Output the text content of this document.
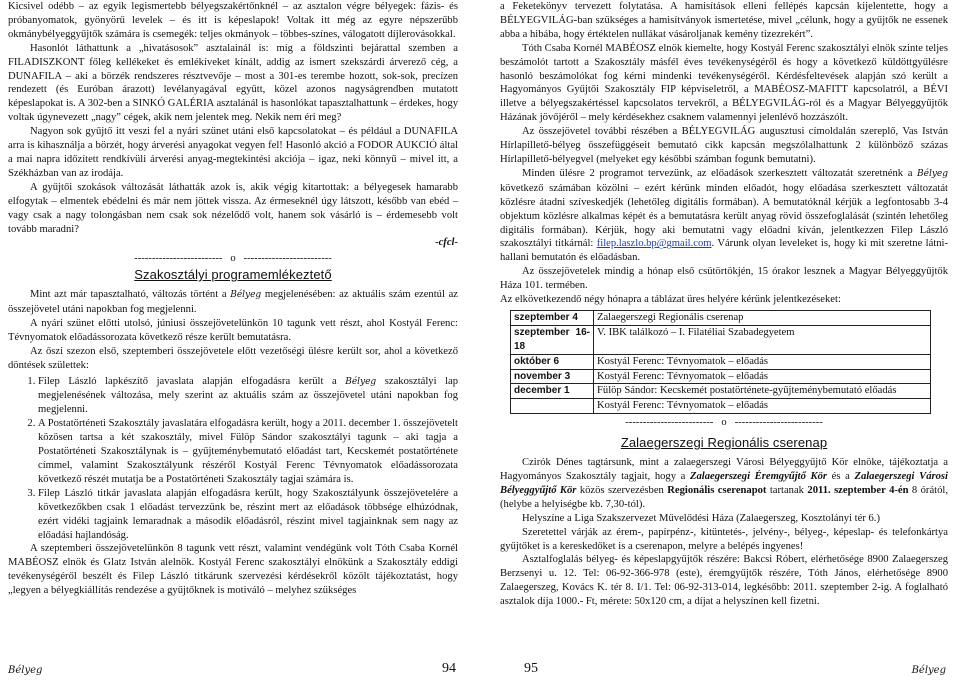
Kicsivel odébb – az egyik legismertebb bélyegszakértőnknél – az asztalon végre bélyegek: fázis- és próbanyomatok, gyönyörű levelek – és itt is képeslapok! Voltak itt még az egyre népszerűbb okmánybélyeggyűjtők számára is csemegék: teljes okmányok – többes-színes, válogatott díjlerovásokkal.

Hasonlót láthattunk a „hivatásosok” asztalainál is: míg a földszinti bejárattal szemben a FILADISZKONT főleg kellékeket és emlékíveket kínált, addig az ismert szekszárdi árverező cég, a DUNAFILA – aki a börzék rendszeres résztvevője – most a 301-es terembe hozott, sok-sok, precízen rendezett (és Euróban árazott) levélanyagával együtt, közel azonos nagyságrendben mutatott képeslapokat is. A 302-ben a SINKÓ GALÉRIA asztalánál is hasonlókat tapasztalhattunk – érdekes, hogy voltak úgynevezett „nagy” cégek, akik nem jelentek meg. Nekik nem éri meg?

Nagyon sok gyűjtő itt veszi fel a nyári szünet utáni első kapcsolatokat – és például a DUNAFILA arra is kihasználja a börzét, hogy árverési anyagokat vegyen fel! Hasonló akció a FODOR AUKCIÓ által a mai napra időzített rendkívüli árverési anyag-megtekintési akciója – igaz, neki könnyű – mivel itt, a Székházban van az irodája.

A gyűjtői szokások változását láthatták azok is, akik végig kitartottak: a bélyegesek hamarabb elfogytak – elmentek ebédelni és már nem jöttek vissza. Az érmeseknél úgy látszott, később van ebéd – vagy csak a nagy tolongásban nem csak sok nézelődő volt, hanem sok vásárló is – érdemesebb volt tovább maradni?

-cfcl-

-------------------------   o   -------------------------
Szakosztályi programemlékeztető

Mint azt már tapasztalható, változás történt a Bélyeg megjelenésében: az aktuális szám ezentúl az összejövetel utáni napokban fog megjelenni.

A nyári szünet előtti utolsó, júniusi összejövetelünkön 10 tagunk vett részt, ahol Kostyál Ferenc: Tévnyomatok előadássorozata következő része került bemutatásra.

Az őszi szezon első, szeptemberi összejövetele előtt vezetőségi ülésre került sor, ahol a következő döntések születtek:

1. Filep László lapkészítő javaslata alapján elfogadásra került a Bélyeg szakosztályi lap megjelenésének változása, mely szerint az aktuális szám az összejövetel utáni napokban fog megjelenni.
2. A Postatörténeti Szakosztály javaslatára elfogadásra került, hogy a 2011. december 1. összejövetelt közösen tartsa a két szakosztály, mivel Fülöp Sándor szakosztályi tagunk – aki tagja a Postatörténeti Szakosztálynak is – gyűjteménybemutató előadást tart, Kecskemét postatörténete címmel, valamint Szakosztályunk részéről Kostyál Ferenc Tévnyomatok előadássorozata következő részét mutatja be a Postatörténeti Szakosztály tagjai számára is.
3. Filep László titkár javaslata alapján elfogadásra került, hogy Szakosztályunk összejövetelére a következőkben csak 1 előadást tervezzünk be, részint mert az előadások többsége elhúzódnak, ezért vidéki tagjaink lemaradnak a második előadásról, részint mivel tagjainknak sem nagy az előadási hajlandóság.

A szeptemberi összejövetelünkön 8 tagunk vett részt, valamint vendégünk volt Tóth Csaba Kornél MABÉOSZ elnök és Glatz István alelnök. Kostyál Ferenc szakosztályi elnökünk a Szakosztály eddigi tevékenységéről beszélt és Filep László titkárunk szervezési kérdésekről közölt tájékoztatást, hogy „legyen a bélyegkiállítás rendezése a gyűjtőknek is motiváló – melyhez szükséges

Bélyeg	94

a Feketekönyv tervezett folytatása. A hamisítások elleni fellépés kapcsán kijelentette, hogy a BÉLYEGVILÁG-ban szükséges a hamisítványok ismertetése, mivel „célunk, hogy a gyűjtők ne essenek abba a hibába, hogy értéktelen nullákat vásároljanak kemény tizezrekért”.

Tóth Csaba Kornél MABÉOSZ elnök kiemelte, hogy Kostyál Ferenc szakosztályi elnök szinte teljes beszámolót tartott a Szakosztály másfél éves tevékenységéről és hogy a következő küldöttgyűlésre hasonló beszámolókat fog kérni mindenki tevékenységéről. Kérdésfeltevések alapján szó került a Hagyományos Gyűjtői Szakosztály FIP képviseletről, a MABÉOSZ-MAFITT kapcsolatról, a BÉVI illetve a bélyegszakértéssel kapcsolatos tervekről, a BÉLYEGVILÁG-ról és a Magyar Bélyeggyűjtők Házának jövőjéről – mely kérdésekhez csaknem valamennyi jelenlévő hozzászólt.

Az összejövetel további részében a BÉLYEGVILÁG augusztusi címoldalán szereplő, Vas István Hírlapillető-bélyeg összefüggéseit bemutató cikk kapcsán megszólalhattunk 2 különböző százas Hírlapillető-bélyegvel (melyeket egy későbbi számban fogunk bemutatni).

Minden ülésre 2 programot tervezünk, az előadások szerkesztett változatát szeretnénk a Bélyeg következő számában közölni – ezért kérünk minden előadót, hogy előadása szerkesztett változatát közlésre átadni szíveskedjék (lehetőleg digitális formában). A bemutatóknál kérjük a legfontosabb 3-4 objektum közlésre alkalmas képét és a bemutatásra került anyag rövid összefoglalását (szintén lehetőleg digitális formában). Kérjük, hogy aki bemutatni vagy előadni kíván, jelentkezzen Filep László szakosztályi titkárnál: filep.laszlo.bp@gmail.com. Várunk olyan leveleket is, hogy ki mit szeretne látni-hallani bemutatón és előadásban.

Az összejövetelek mindig a hónap első csütörtökjén, 15 órakor lesznek a Magyar Bélyeggyűjtők Háza 101. termében.

Az elkövetkezendő négy hónapra a táblázat üres helyére kérünk jelentkezéseket:

szeptember 4	Zalaegerszegi Regionális cserenap
szeptember 16-18	V. IBK találkozó – I. Filatéliai Szabadegyetem
október 6	Kostyál Ferenc: Tévnyomatok – előadás
november 3	Kostyál Ferenc: Tévnyomatok – előadás
december 1	Fülöp Sándor: Kecskemét postatörténete-gyűjteménybemutató előadás
	Kostyál Ferenc: Tévnyomatok – előadás
-------------------------   o   -------------------------
Zalaegerszegi Regionális cserenap

Czirók Dénes tagtársunk, mint a zalaegerszegi Városi Bélyeggyűjtő Kör elnöke, tájékoztatja a Hagyományos Szakosztály tagjait, hogy a Zalaegerszegi Éremgyűjtő Kör és a Zalaegerszegi Városi Bélyeggyűjtő Kör közös szervezésben Regionális cserenapot tartanak 2011. szeptember 4-én 8 órától, (helybe a helyiségbe kb. 7,30-tól).

Helyszíne a Liga Szakszervezet Művelődési Háza (Zalaegerszeg, Kosztolányi tér 6.)

Szeretettel várják az érem-, papírpénz-, kitüntetés-, jelvény-, bélyeg-, képeslap- és telefonkártya gyűjtőket is a kereskedőket is a cserenapon, melyre a belépés ingyenes!

Asztalfoglalás bélyeg- és képeslapgyűjtők részére: Bakcsi Róbert, elérhetősége 8900 Zalaegerszeg Berzsenyi u. 12. Tel: 06-92-366-978 (este), éremgyűjtők részére, Tóth János, elérhetősége 8900 Zalaegerszeg, Kovács K. tér 8. I/1. Tel: 06-92-313-014, legkésőbb: 2011. szeptember 2-ig. A foglalható asztalok díja 1000.- Ft, mérete: 50x120 cm, a díjat a helyszínen kell fizetni.

95	Bélyeg
